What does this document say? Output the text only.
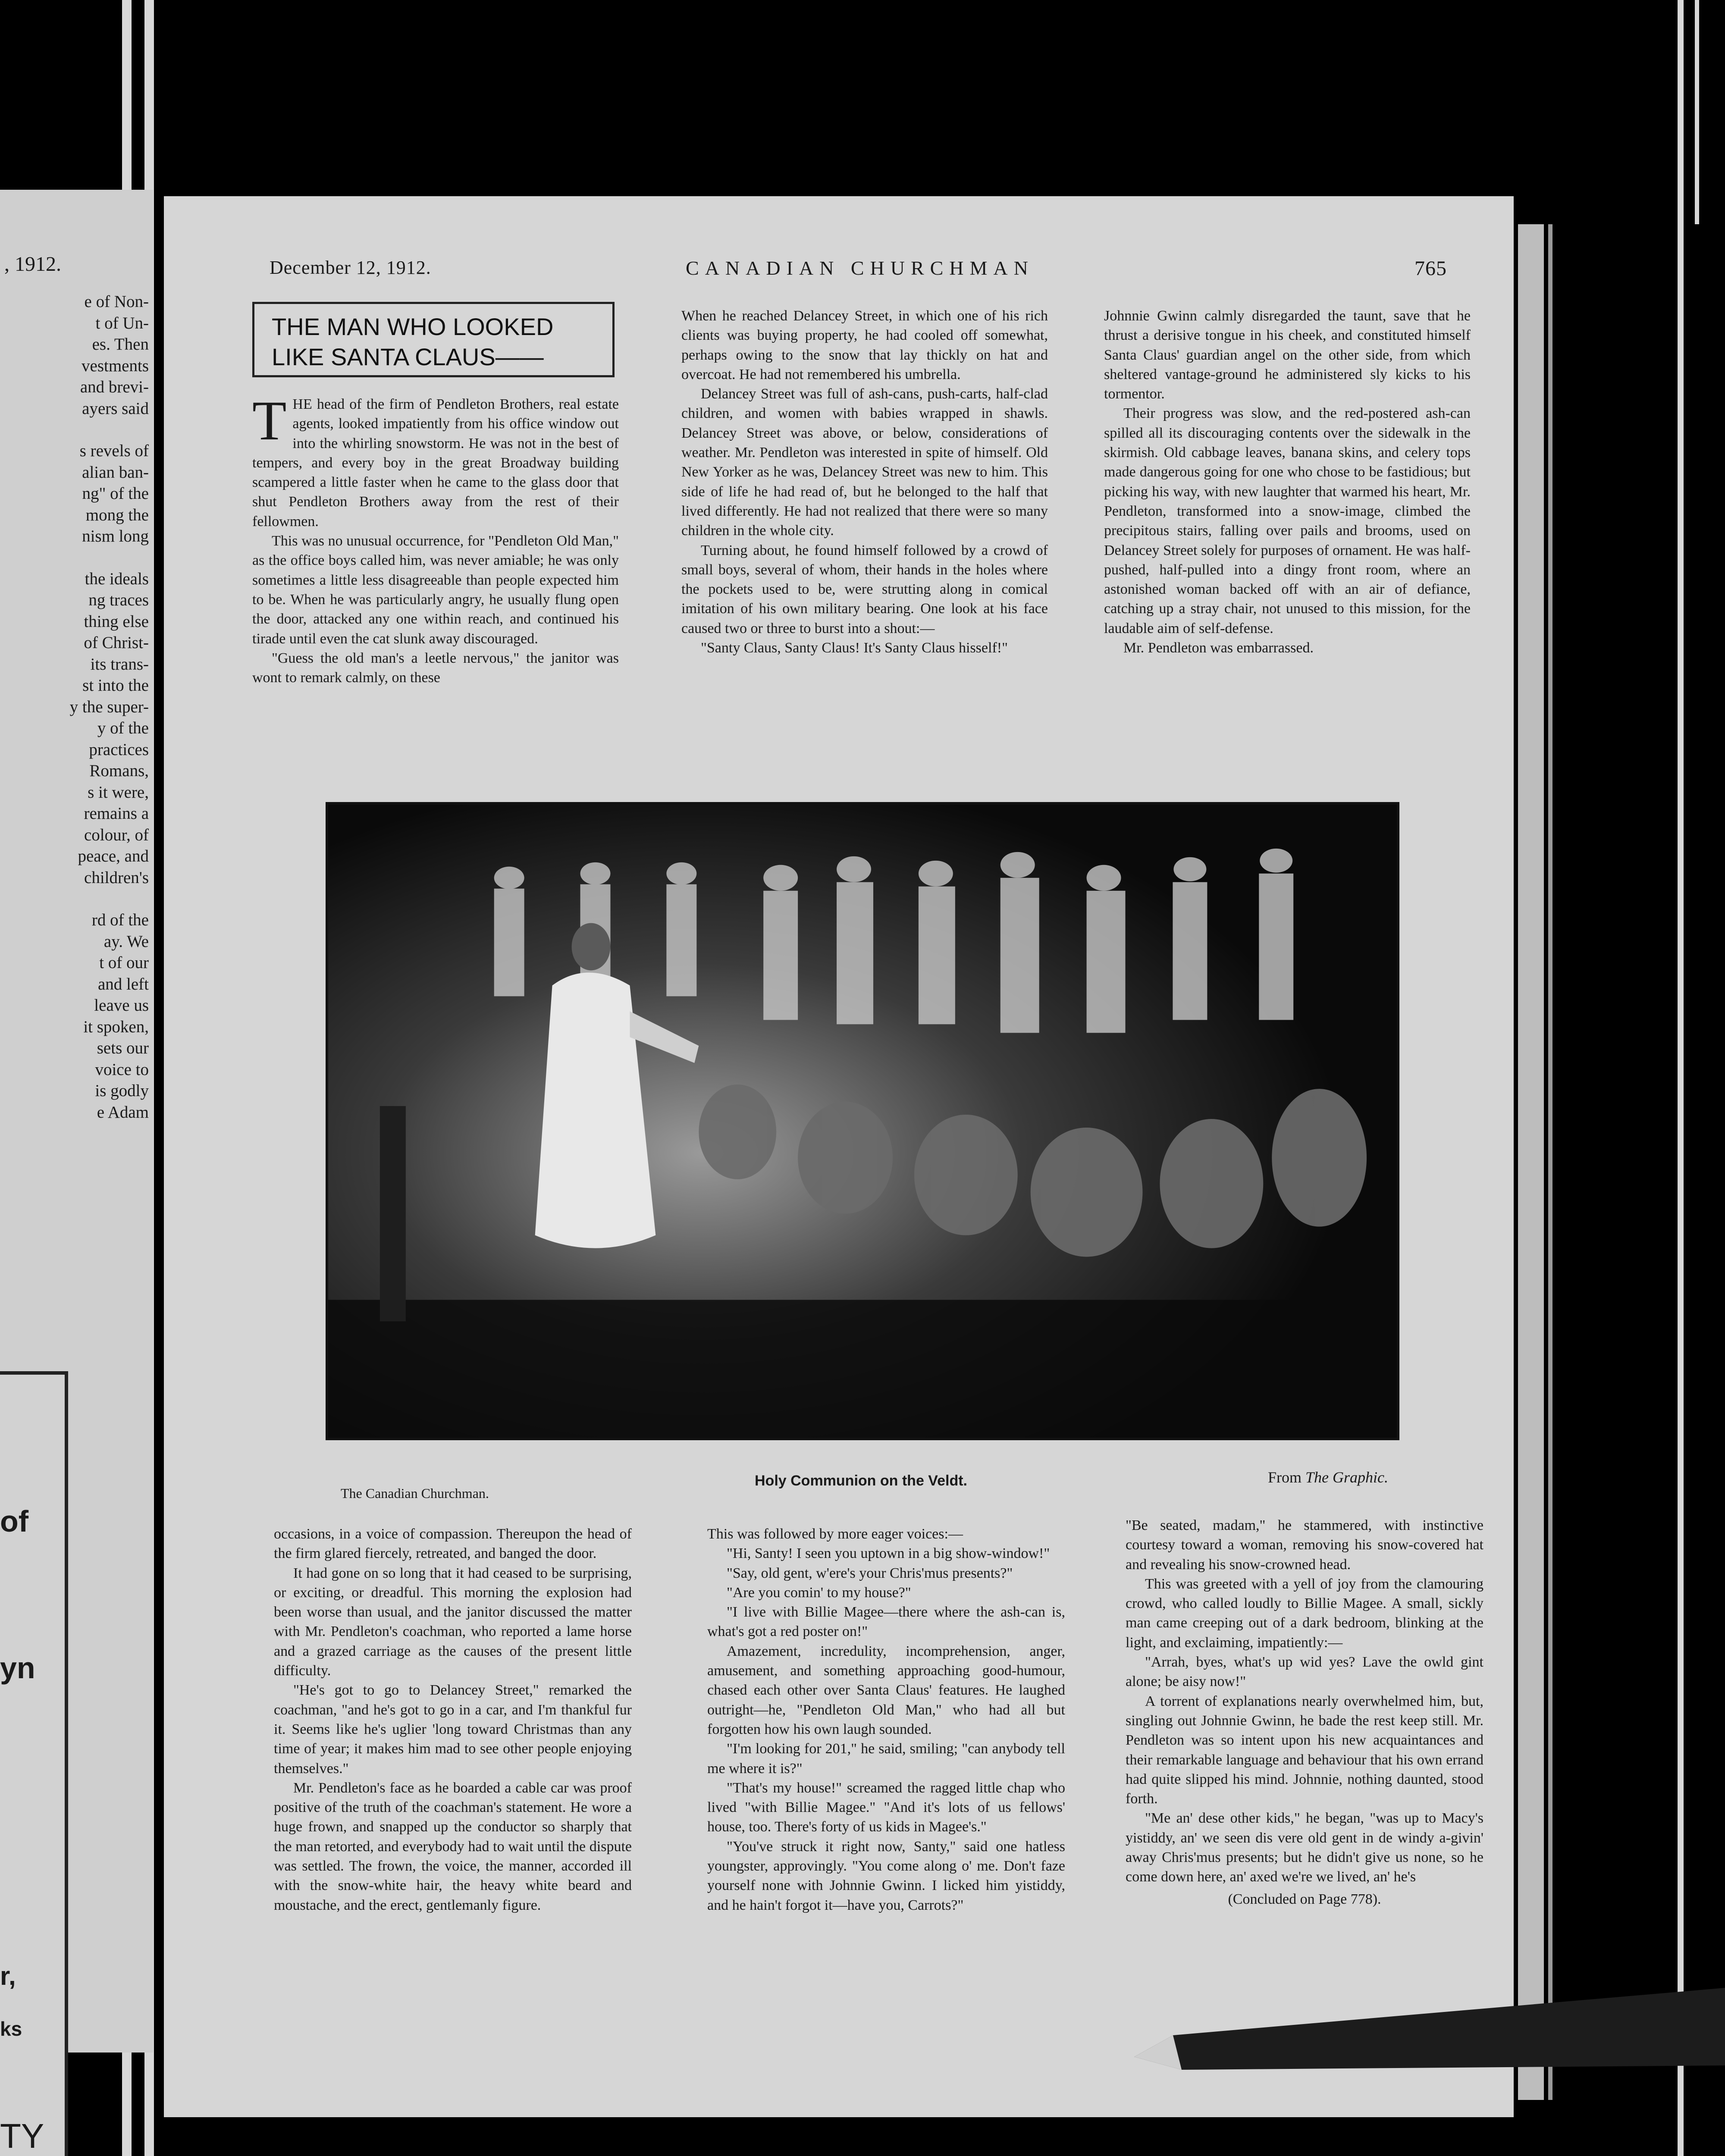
, 1912.
e of Non-
t of Un-
es. Then
vestments
and brevi-
ayers said
s revels of
alian ban-
ng" of the
mong the
nism long
the ideals
ng traces
thing else
of Christ-
its trans-
st into the
y the super-
y of the
practices
Romans,
s it were,
remains a
colour, of
peace, and
children's
rd of the
ay. We
t of our
and left
leave us
it spoken,
sets our
voice to
is godly
e Adam
of
yn
r,
ks
TY
December 12, 1912.	CANADIAN CHURCHMAN	765
THE MAN WHO LOOKED
LIKE SANTA CLAUS——

THE head of the firm of Pendleton Brothers, real estate agents, looked impatiently from his office window out into the whirling snowstorm. He was not in the best of tempers, and every boy in the great Broadway building scampered a little faster when he came to the glass door that shut Pendleton Brothers away from the rest of their fellowmen.

This was no unusual occurrence, for "Pendleton Old Man," as the office boys called him, was never amiable; he was only sometimes a little less disagreeable than people expected him to be. When he was particularly angry, he usually flung open the door, attacked any one within reach, and continued his tirade until even the cat slunk away discouraged.

"Guess the old man's a leetle nervous," the janitor was wont to remark calmly, on these

When he reached Delancey Street, in which one of his rich clients was buying property, he had cooled off somewhat, perhaps owing to the snow that lay thickly on hat and overcoat. He had not remembered his umbrella.

Delancey Street was full of ash-cans, push-carts, half-clad children, and women with babies wrapped in shawls. Delancey Street was above, or below, considerations of weather. Mr. Pendleton was interested in spite of himself. Old New Yorker as he was, Delancey Street was new to him. This side of life he had read of, but he belonged to the half that lived differently. He had not realized that there were so many children in the whole city.

Turning about, he found himself followed by a crowd of small boys, several of whom, their hands in the holes where the pockets used to be, were strutting along in comical imitation of his own military bearing. One look at his face caused two or three to burst into a shout:—

"Santy Claus, Santy Claus! It's Santy Claus hisself!"

Johnnie Gwinn calmly disregarded the taunt, save that he thrust a derisive tongue in his cheek, and constituted himself Santa Claus' guardian angel on the other side, from which sheltered vantage-ground he administered sly kicks to his tormentor.

Their progress was slow, and the red-postered ash-can spilled all its discouraging contents over the sidewalk in the skirmish. Old cabbage leaves, banana skins, and celery tops made dangerous going for one who chose to be fastidious; but picking his way, with new laughter that warmed his heart, Mr. Pendleton, transformed into a snow-image, climbed the precipitous stairs, falling over pails and brooms, used on Delancey Street solely for purposes of ornament. He was half-pushed, half-pulled into a dingy front room, where an astonished woman backed off with an air of defiance, catching up a stray chair, not unused to this mission, for the laudable aim of self-defense.

Mr. Pendleton was embarrassed.

The Canadian Churchman.
Holy Communion on the Veldt.	From The Graphic.

occasions, in a voice of compassion. Thereupon the head of the firm glared fiercely, retreated, and banged the door.

It had gone on so long that it had ceased to be surprising, or exciting, or dreadful. This morning the explosion had been worse than usual, and the janitor discussed the matter with Mr. Pendleton's coachman, who reported a lame horse and a grazed carriage as the causes of the present little difficulty.

"He's got to go to Delancey Street," remarked the coachman, "and he's got to go in a car, and I'm thankful fur it. Seems like he's uglier 'long toward Christmas than any time of year; it makes him mad to see other people enjoying themselves."

Mr. Pendleton's face as he boarded a cable car was proof positive of the truth of the coachman's statement. He wore a huge frown, and snapped up the conductor so sharply that the man retorted, and everybody had to wait until the dispute was settled. The frown, the voice, the manner, accorded ill with the snow-white hair, the heavy white beard and moustache, and the erect, gentlemanly figure.

This was followed by more eager voices:—

"Hi, Santy! I seen you uptown in a big show-window!"

"Say, old gent, w'ere's your Chris'mus presents?"

"Are you comin' to my house?"

"I live with Billie Magee—there where the ash-can is, what's got a red poster on!"

Amazement, incredulity, incomprehension, anger, amusement, and something approaching good-humour, chased each other over Santa Claus' features. He laughed outright—he, "Pendleton Old Man," who had all but forgotten how his own laugh sounded.

"I'm looking for 201," he said, smiling; "can anybody tell me where it is?"

"That's my house!" screamed the ragged little chap who lived "with Billie Magee." "And it's lots of us fellows' house, too. There's forty of us kids in Magee's."

"You've struck it right now, Santy," said one hatless youngster, approvingly. "You come along o' me. Don't faze yourself none with Johnnie Gwinn. I licked him yistiddy, and he hain't forgot it—have you, Carrots?"

"Be seated, madam," he stammered, with instinctive courtesy toward a woman, removing his snow-covered hat and revealing his snow-crowned head.

This was greeted with a yell of joy from the clamouring crowd, who called loudly to Billie Magee. A small, sickly man came creeping out of a dark bedroom, blinking at the light, and exclaiming, impatiently:—

"Arrah, byes, what's up wid yes? Lave the owld gint alone; be aisy now!"

A torrent of explanations nearly overwhelmed him, but, singling out Johnnie Gwinn, he bade the rest keep still. Mr. Pendleton was so intent upon his new acquaintances and their remarkable language and behaviour that his own errand had quite slipped his mind. Johnnie, nothing daunted, stood forth.

"Me an' dese other kids," he began, "was up to Macy's yistiddy, an' we seen dis vere old gent in de windy a-givin' away Chris'mus presents; but he didn't give us none, so he come down here, an' axed we're we lived, an' he's

(Concluded on Page 778).
